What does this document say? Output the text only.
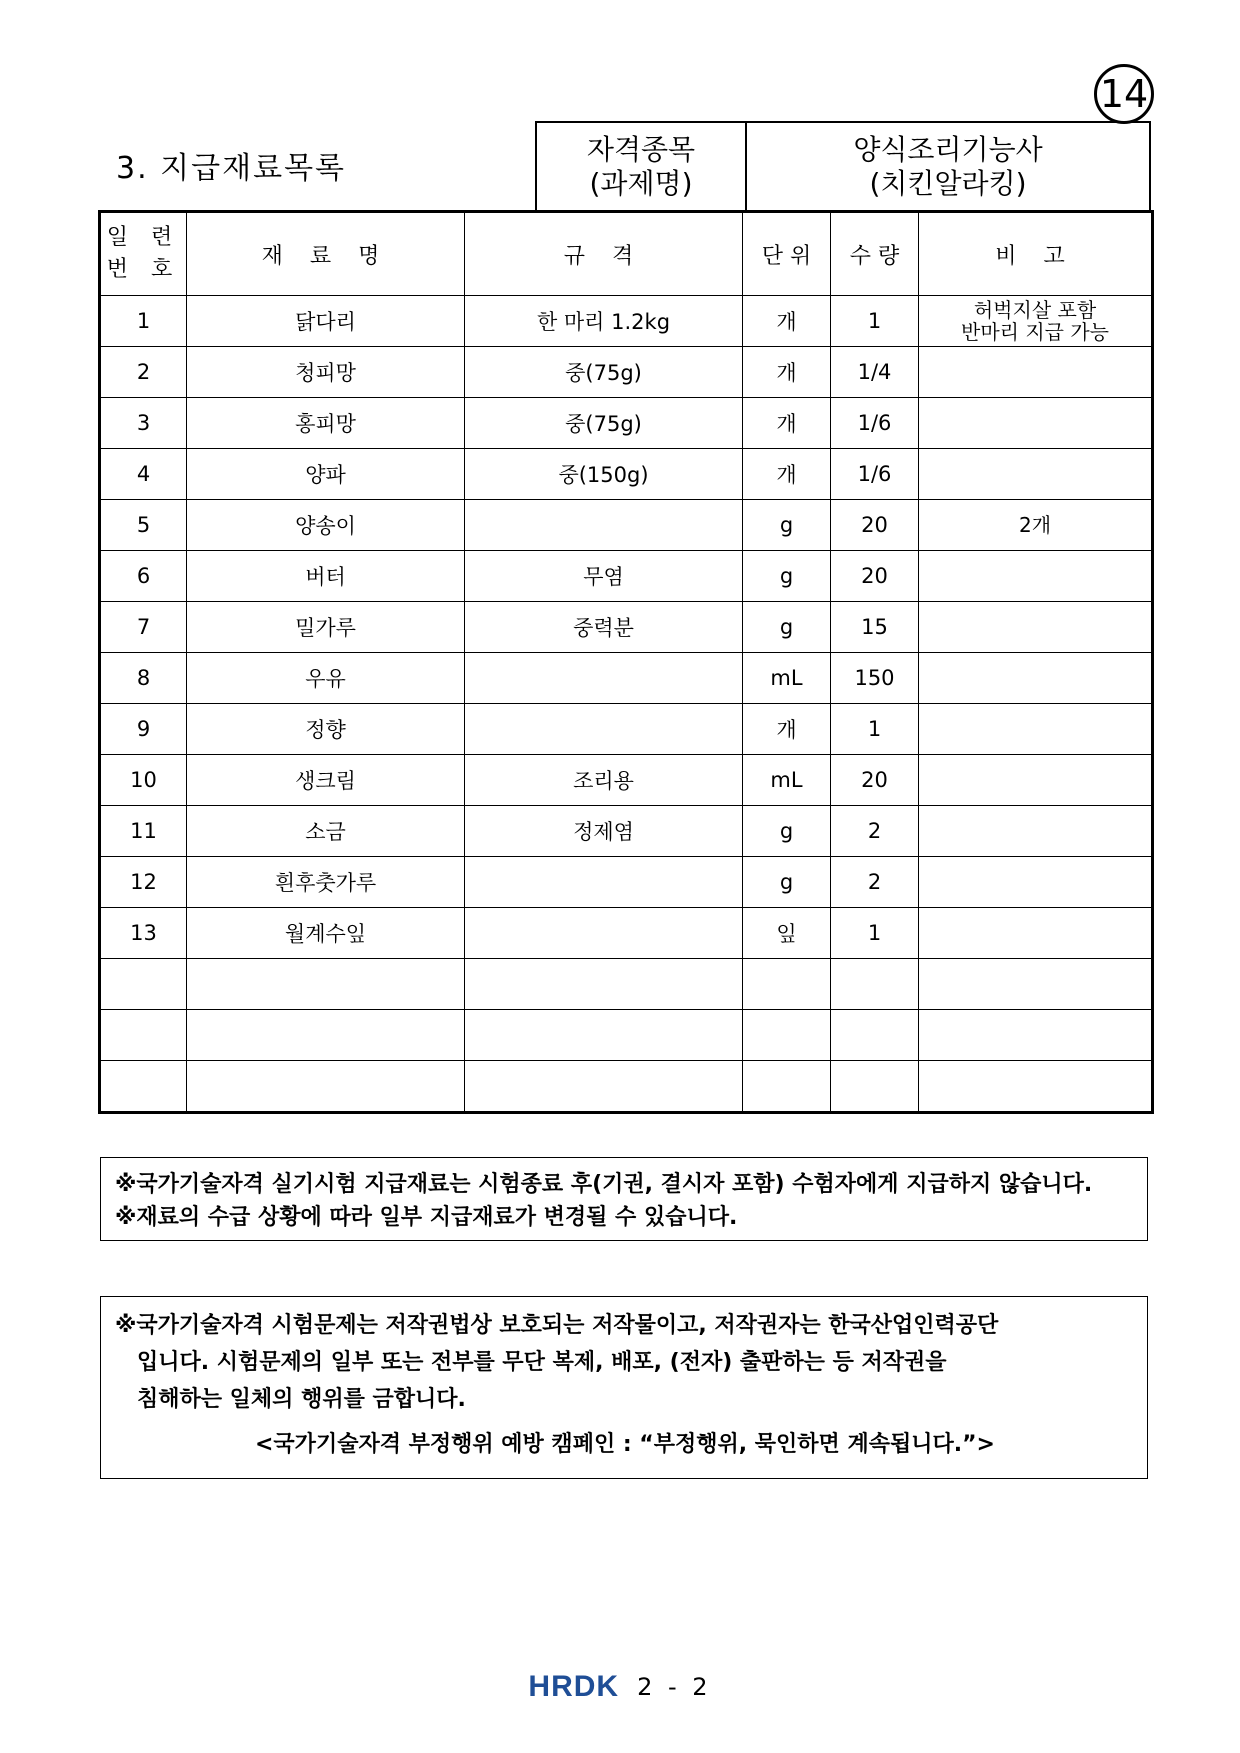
14
3. 지급재료목록
자격종목
(과제명)
양식조리기능사
(치킨알라킹)
일 련
번 호	재 료 명	규 격	단 위	수 량	비 고
1	닭다리	한 마리 1.2kg	개	1	허벅지살 포함
반마리 지급 가능

2	청피망	중(75g)	개	1/4	

3	홍피망	중(75g)	개	1/6	

4	양파	중(150g)	개	1/6	

5	양송이		g	20	2개

6	버터	무염	g	20	

7	밀가루	중력분	g	15	

8	우유		mL	150	

9	정향		개	1	

10	생크림	조리용	mL	20	

11	소금	정제염	g	2	

12	흰후춧가루		g	2	

13	월계수잎		잎	1	

※국가기술자격 실기시험 지급재료는 시험종료 후(기권, 결시자 포함) 수험자에게 지급하지 않습니다.
※재료의 수급 상황에 따라 일부 지급재료가 변경될 수 있습니다.
※국가기술자격 시험문제는 저작권법상 보호되는 저작물이고, 저작권자는 한국산업인력공단
입니다. 시험문제의 일부 또는 전부를 무단 복제, 배포, (전자) 출판하는 등 저작권을
침해하는 일체의 행위를 금합니다.
<국가기술자격 부정행위 예방 캠페인 : “부정행위, 묵인하면 계속됩니다.”>
HRDK 2 - 2
